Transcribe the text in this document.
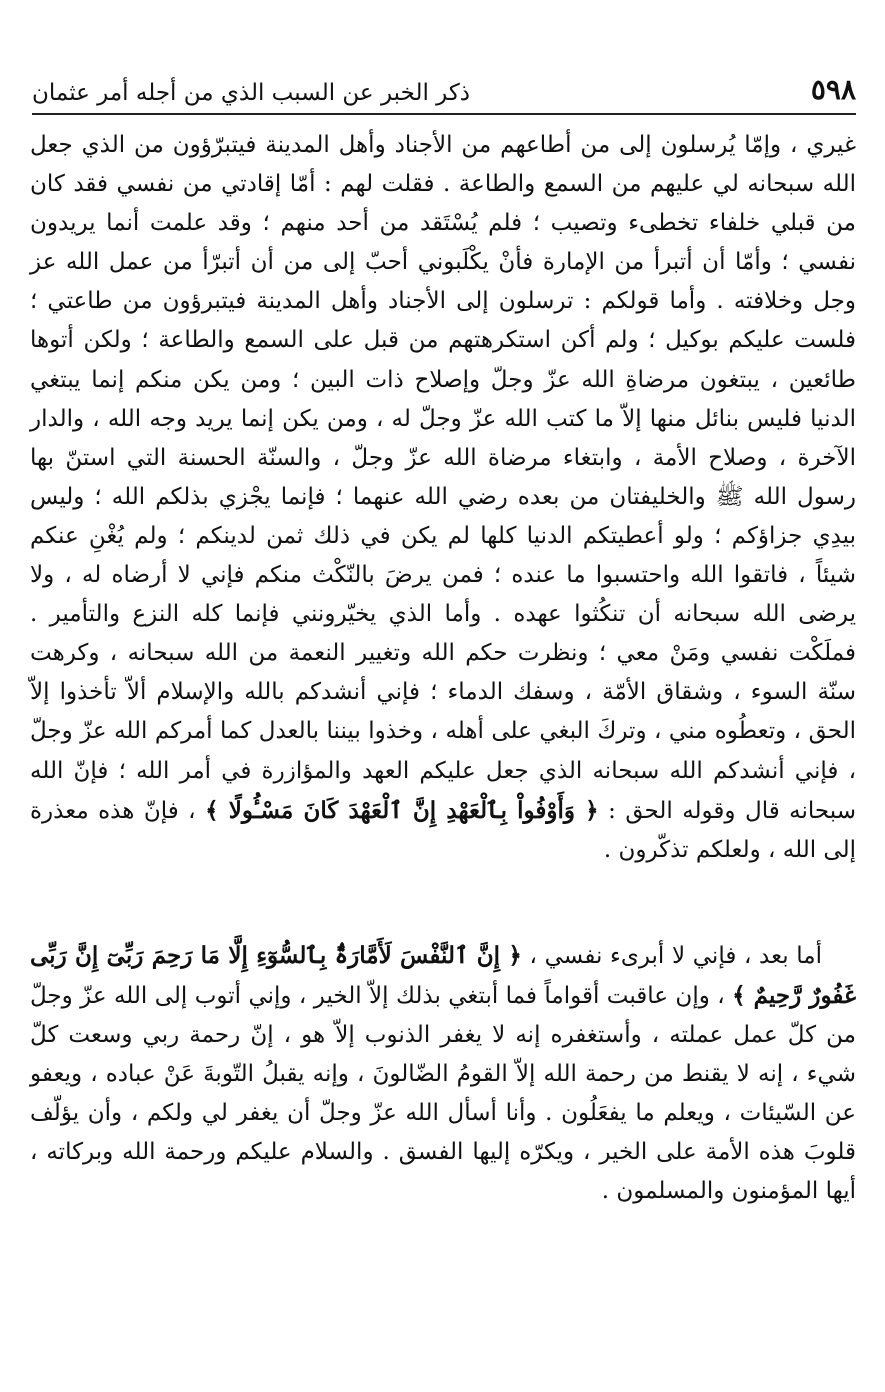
٥٩٨
ذكر الخبر عن السبب الذي من أجله أمر عثمان

غيري ، وإمّا يُرسلون إلى من أطاعهم من الأجناد وأهل المدينة فيتبرّؤون من الذي جعل الله سبحانه لي عليهم من السمع والطاعة . فقلت لهم : أمّا إقادتي من نفسي فقد كان من قبلي خلفاء تخطىء وتصيب ؛ فلم يُسْتَقد من أحد منهم ؛ وقد علمت أنما يريدون نفسي ؛ وأمّا أن أتبرأ من الإمارة فأنْ يكْلَبوني أحبّ إلى من أن أتبرّأ من عمل الله عز وجل وخلافته . وأما قولكم : ترسلون إلى الأجناد وأهل المدينة فيتبرؤون من طاعتي ؛ فلست عليكم بوكيل ؛ ولم أكن استكرهتهم من قبل على السمع والطاعة ؛ ولكن أتوها طائعين ، يبتغون مرضاةِ الله عزّ وجلّ وإصلاح ذات البين ؛ ومن يكن منكم إنما يبتغي الدنيا فليس بنائل منها إلاّ ما كتب الله عزّ وجلّ له ، ومن يكن إنما يريد وجه الله ، والدار الآخرة ، وصلاح الأمة ، وابتغاء مرضاة الله عزّ وجلّ ، والسنّة الحسنة التي استنّ بها رسول الله ﷺ والخليفتان من بعده رضي الله عنهما ؛ فإنما يجْزي بذلكم الله ؛ وليس بيدِي جزاؤكم ؛ ولو أعطيتكم الدنيا كلها لم يكن في ذلك ثمن لدينكم ؛ ولم يُغْنِ عنكم شيئاً ، فاتقوا الله واحتسبوا ما عنده ؛ فمن يرضَ بالنّكْث منكم فإني لا أرضاه له ، ولا يرضى الله سبحانه أن تنكُثوا عهده . وأما الذي يخيّرونني فإنما كله النزع والتأمير . فملَكْت نفسي ومَنْ معي ؛ ونظرت حكم الله وتغيير النعمة من الله سبحانه ، وكرهت سنّة السوء ، وشقاق الأمّة ، وسفك الدماء ؛ فإني أنشدكم بالله والإسلام ألاّ تأخذوا إلاّ الحق ، وتعطُوه مني ، وتركَ البغي على أهله ، وخذوا بيننا بالعدل كما أمركم الله عزّ وجلّ ، فإني أنشدكم الله سبحانه الذي جعل عليكم العهد والمؤازرة في أمر الله ؛ فإنّ الله سبحانه قال وقوله الحق : ﴿ وَأَوْفُواْ بِٱلْعَهْدِ إِنَّ ٱلْعَهْدَ كَانَ مَسْـُٔولًا ﴾ ، فإنّ هذه معذرة إلى الله ، ولعلكم تذكّرون .

أما بعد ، فإني لا أبرىء نفسي ، ﴿ إِنَّ ٱلنَّفْسَ لَأَمَّارَةٌۢ بِٱلسُّوٓءِ إِلَّا مَا رَحِمَ رَبِّىٓ إِنَّ رَبِّى غَفُورٌ رَّحِيمٌ ﴾ ، وإن عاقبت أقواماً فما أبتغي بذلك إلاّ الخير ، وإني أتوب إلى الله عزّ وجلّ من كلّ عمل عملته ، وأستغفره إنه لا يغفر الذنوب إلاّ هو ، إنّ رحمة ربي وسعت كلّ شيء ، إنه لا يقنط من رحمة الله إلاّ القومُ الضّالونَ ، وإنه يقبلُ التّوبةَ عَنْ عباده ، ويعفو عن السّيئات ، ويعلم ما يفعَلُون . وأنا أسأل الله عزّ وجلّ أن يغفر لي ولكم ، وأن يؤلّف قلوبَ هذه الأمة على الخير ، ويكرّه إليها الفسق . والسلام عليكم ورحمة الله وبركاته ، أيها المؤمنون والمسلمون .
